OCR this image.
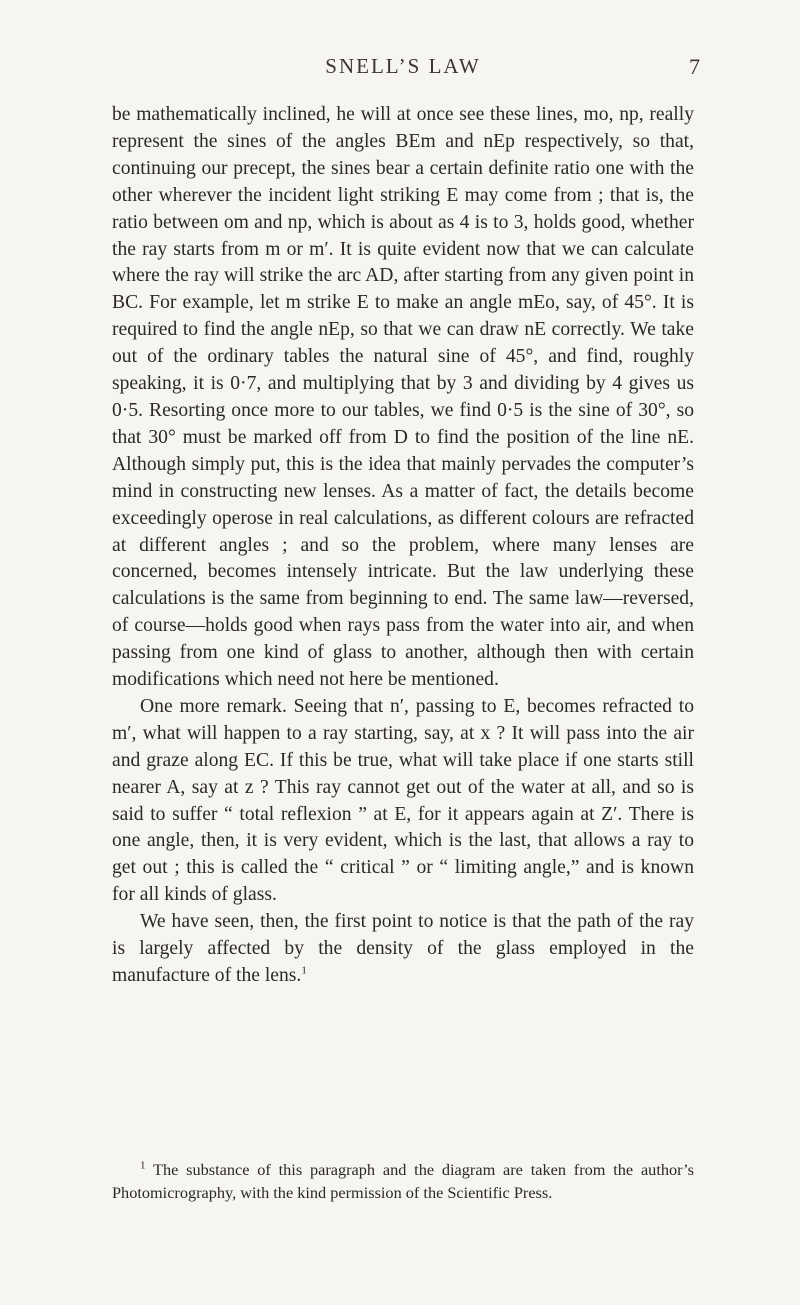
SNELL’S LAW	7

be mathematically inclined, he will at once see these lines, mo, np, really represent the sines of the angles BEm and nEp respectively, so that, continuing our precept, the sines bear a certain definite ratio one with the other wherever the incident light striking E may come from ; that is, the ratio between om and np, which is about as 4 is to 3, holds good, whether the ray starts from m or m′. It is quite evident now that we can calculate where the ray will strike the arc AD, after starting from any given point in BC. For example, let m strike E to make an angle mEo, say, of 45°. It is required to find the angle nEp, so that we can draw nE correctly. We take out of the ordinary tables the natural sine of 45°, and find, roughly speaking, it is 0·7, and multiplying that by 3 and dividing by 4 gives us 0·5. Resorting once more to our tables, we find 0·5 is the sine of 30°, so that 30° must be marked off from D to find the position of the line nE. Although simply put, this is the idea that mainly pervades the computer’s mind in constructing new lenses. As a matter of fact, the details become exceedingly operose in real calculations, as different colours are refracted at different angles ; and so the problem, where many lenses are concerned, becomes intensely intricate. But the law underlying these calculations is the same from beginning to end. The same law—reversed, of course—holds good when rays pass from the water into air, and when passing from one kind of glass to another, although then with certain modifications which need not here be mentioned.

One more remark. Seeing that n′, passing to E, becomes refracted to m′, what will happen to a ray starting, say, at x ? It will pass into the air and graze along EC. If this be true, what will take place if one starts still nearer A, say at z ? This ray cannot get out of the water at all, and so is said to suffer “ total reflexion ” at E, for it appears again at Z′. There is one angle, then, it is very evident, which is the last, that allows a ray to get out ; this is called the “ critical ” or “ limiting angle,” and is known for all kinds of glass.

We have seen, then, the first point to notice is that the path of the ray is largely affected by the density of the glass employed in the manufacture of the lens.$^1$

$^1$ The substance of this paragraph and the diagram are taken from the author’s Photomicrography, with the kind permission of the Scientific Press.
